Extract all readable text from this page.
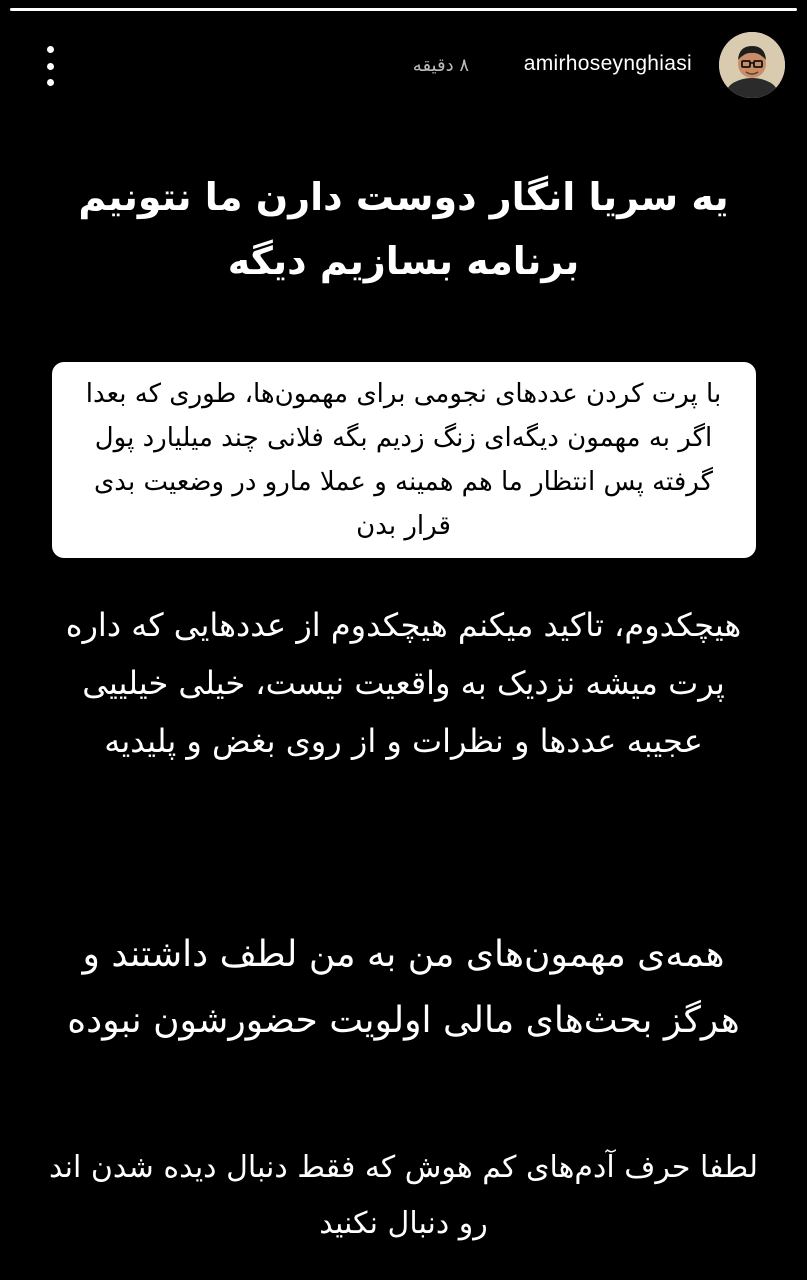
amirhoseynghiasi
۸ دقیقه
یه سریا انگار دوست دارن ما نتونیم برنامه بسازیم دیگه
با پرت کردن عددهای نجومی برای مهمون‌ها، طوری که بعدا اگر به مهمون دیگه‌ای زنگ زدیم بگه فلانی چند میلیارد پول گرفته پس انتظار ما هم همینه و عملا مارو در وضعیت بدی قرار بدن
هیچکدوم، تاکید میکنم هیچکدوم از عددهایی که داره پرت میشه نزدیک به واقعیت نیست، خیلی خیلییی عجیبه عددها و نظرات و از روی بغض و پلیدیه
همه‌ی مهمون‌های من به من لطف داشتند و هرگز بحث‌های مالی اولویت حضورشون نبوده
لطفا حرف آدم‌های کم هوش که فقط دنبال دیده شدن اند رو دنبال نکنید
